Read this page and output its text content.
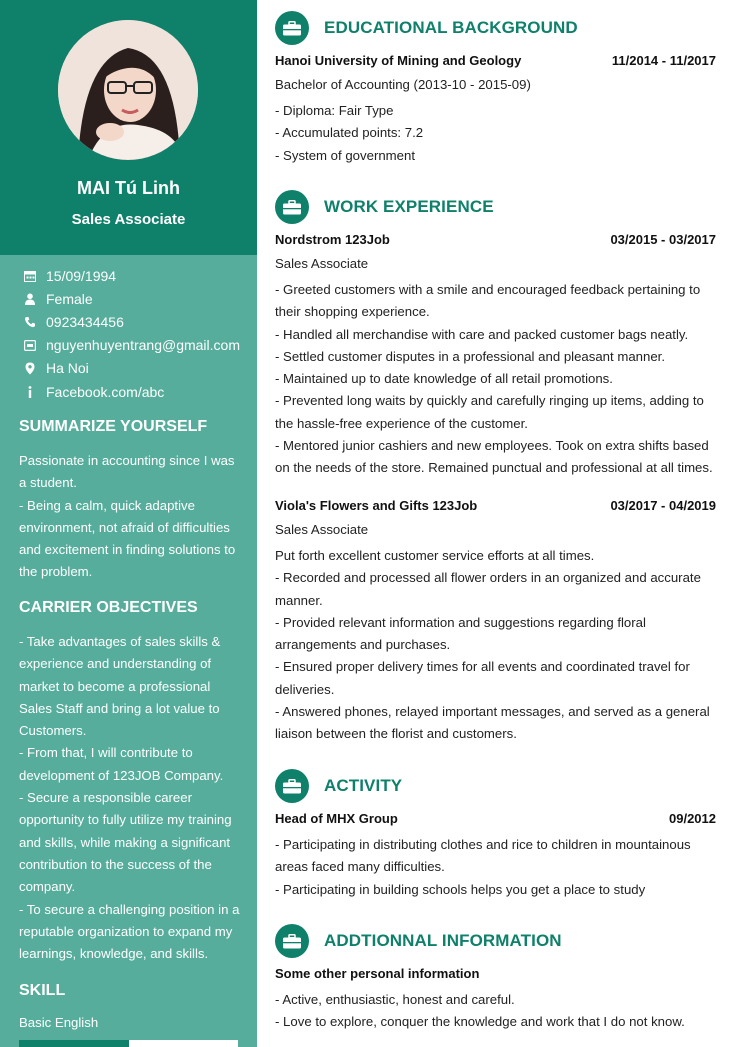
MAI Tú Linh
Sales Associate
15/09/1994
Female
0923434456
nguyenhuyentrang@gmail.com
Ha Noi
Facebook.com/abc
SUMMARIZE YOURSELF
Passionate in accounting since I was
a student.
- Being a calm, quick adaptive
environment, not afraid of difficulties
and excitement in finding solutions to
the problem.
CARRIER OBJECTIVES
- Take advantages of sales skills &
experience and understanding of
market to become a professional
Sales Staff and bring a lot value to
Customers.
- From that, I will contribute to
development of 123JOB Company.
- Secure a responsible career
opportunity to fully utilize my training
and skills, while making a significant
contribution to the success of the
company.
- To secure a challenging position in a
reputable organization to expand my
learnings, knowledge, and skills.
SKILL
Basic English
EDUCATIONAL BACKGROUND
Hanoi University of Mining and Geology	11/2014 - 11/2017
Bachelor of Accounting (2013-10 - 2015-09)
- Diploma: Fair Type
- Accumulated points: 7.2
- System of government
WORK EXPERIENCE
Nordstrom 123Job	03/2015 - 03/2017
Sales Associate
- Greeted customers with a smile and encouraged feedback pertaining to
their shopping experience.
- Handled all merchandise with care and packed customer bags neatly.
- Settled customer disputes in a professional and pleasant manner.
- Maintained up to date knowledge of all retail promotions.
- Prevented long waits by quickly and carefully ringing up items, adding to
the hassle-free experience of the customer.
- Mentored junior cashiers and new employees. Took on extra shifts based
on the needs of the store. Remained punctual and professional at all times.
Viola's Flowers and Gifts 123Job	03/2017 - 04/2019
Sales Associate
Put forth excellent customer service efforts at all times.
- Recorded and processed all flower orders in an organized and accurate
manner.
- Provided relevant information and suggestions regarding floral
arrangements and purchases.
- Ensured proper delivery times for all events and coordinated travel for
deliveries.
- Answered phones, relayed important messages, and served as a general
liaison between the florist and customers.
ACTIVITY
Head of MHX Group	09/2012
- Participating in distributing clothes and rice to children in mountainous
areas faced many difficulties.
- Participating in building schools helps you get a place to study
ADDTIONNAL INFORMATION
Some other personal information
- Active, enthusiastic, honest and careful.
- Love to explore, conquer the knowledge and work that I do not know.
